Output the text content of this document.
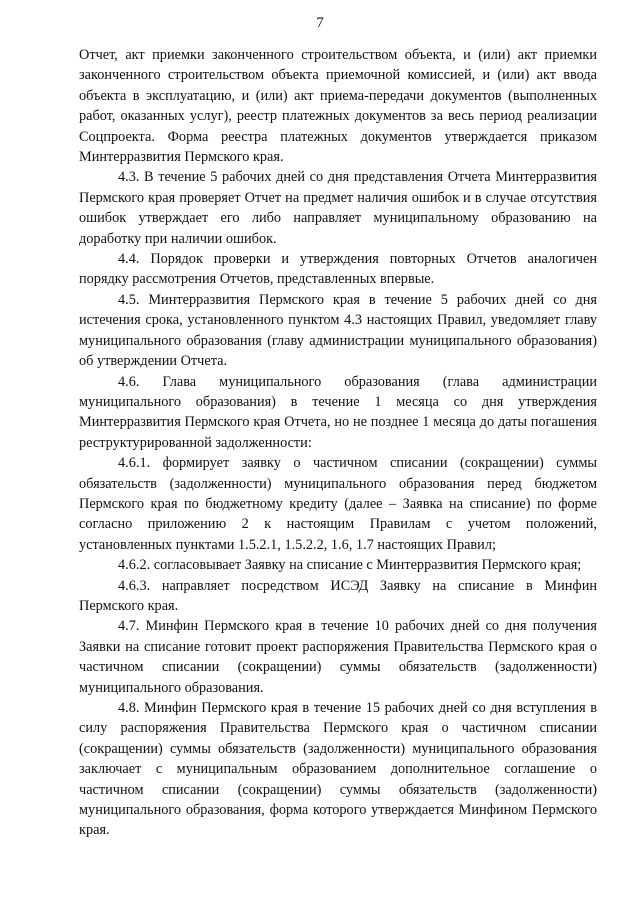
7

Отчет, акт приемки законченного строительством объекта, и (или) акт приемки законченного строительством объекта приемочной комиссией, и (или) акт ввода объекта в эксплуатацию, и (или) акт приема-передачи документов (выполненных работ, оказанных услуг), реестр платежных документов за весь период реализации Соцпроекта. Форма реестра платежных документов утверждается приказом Минтерразвития Пермского края.

4.3. В течение 5 рабочих дней со дня представления Отчета Минтерразвития Пермского края проверяет Отчет на предмет наличия ошибок и в случае отсутствия ошибок утверждает его либо направляет муниципальному образованию на доработку при наличии ошибок.

4.4. Порядок проверки и утверждения повторных Отчетов аналогичен порядку рассмотрения Отчетов, представленных впервые.

4.5. Минтерразвития Пермского края в течение 5 рабочих дней со дня истечения срока, установленного пунктом 4.3 настоящих Правил, уведомляет главу муниципального образования (главу администрации муниципального образования) об утверждении Отчета.

4.6. Глава муниципального образования (глава администрации муниципального образования) в течение 1 месяца со дня утверждения Минтерразвития Пермского края Отчета, но не позднее 1 месяца до даты погашения реструктурированной задолженности:

4.6.1. формирует заявку о частичном списании (сокращении) суммы обязательств (задолженности) муниципального образования перед бюджетом Пермского края по бюджетному кредиту (далее – Заявка на списание) по форме согласно приложению 2 к настоящим Правилам с учетом положений, установленных пунктами 1.5.2.1, 1.5.2.2, 1.6, 1.7 настоящих Правил;

4.6.2. согласовывает Заявку на списание с Минтерразвития Пермского края;

4.6.3. направляет посредством ИСЭД Заявку на списание в Минфин Пермского края.

4.7. Минфин Пермского края в течение 10 рабочих дней со дня получения Заявки на списание готовит проект распоряжения Правительства Пермского края о частичном списании (сокращении) суммы обязательств (задолженности) муниципального образования.

4.8. Минфин Пермского края в течение 15 рабочих дней со дня вступления в силу распоряжения Правительства Пермского края о частичном списании (сокращении) суммы обязательств (задолженности) муниципального образования заключает с муниципальным образованием дополнительное соглашение о частичном списании (сокращении) суммы обязательств (задолженности) муниципального образования, форма которого утверждается Минфином Пермского края.
